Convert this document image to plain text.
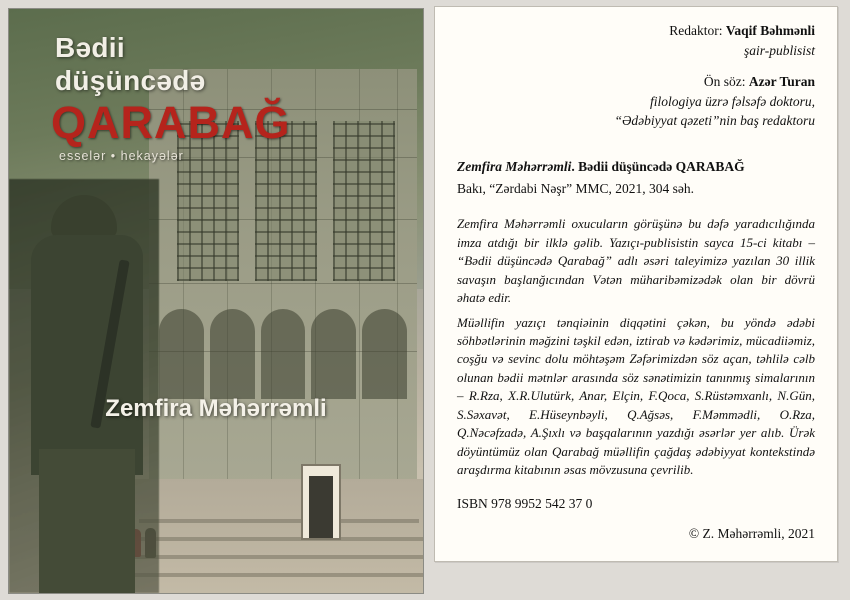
Bədii
düşüncədə
QARABAĞ
esselər • hekayələr
Zemfira Məhərrəmli
Redaktor: Vaqif Bəhmənli
şair-publisist
Ön söz: Azər Turan
filologiya üzrə fəlsəfə doktoru,
“Ədəbiyyat qəzeti”nin baş redaktoru
Zemfira Məhərrəmli. Bədii düşüncədə QARABAĞ
Bakı, “Zərdabi Nəşr” MMC, 2021, 304 səh.

Zemfira Məhərrəmli oxucuların görüşünə bu dəfə yaradıcılığında imza atdığı bir ilklə gəlib. Yazıçı-publisistin sayca 15-ci kitabı – “Bədii düşüncədə Qarabağ” adlı əsəri taleyimizə yazılan 30 illik savaşın başlanğıcından Vətən müharibəmizədək olan bir dövrü əhatə edir.

Müəllifin yazıçı tənqiəinin diqqətini çəkən, bu yöndə ədəbi söhbətlərinin məğzini təşkil edən, iztirab və kədərimiz, mücadiiəmiz, coşğu və sevinc dolu möhtəşəm Zəfərimizdən söz açan, təhlilə cəlb olunan bədii mətnlər arasında söz sənətimizin tanınmış simalarının – R.Rza, X.R.Ulutürk, Anar, Elçin, F.Qoca, S.Rüstəmxanlı, N.Gün, S.Səxavət, E.Hüseynbəyli, Q.Ağsəs, F.Məmmədli, O.Rza, Q.Nəcəfzadə, A.Şıxlı və başqalarının yazdığı əsərlər yer alıb. Ürək döyüntümüz olan Qarabağ müəllifin çağdaş ədəbiyyat kontekstində araşdırma kitabının əsas mövzusuna çevrilib.

ISBN 978 9952 542 37 0
© Z. Məhərrəmli, 2021
